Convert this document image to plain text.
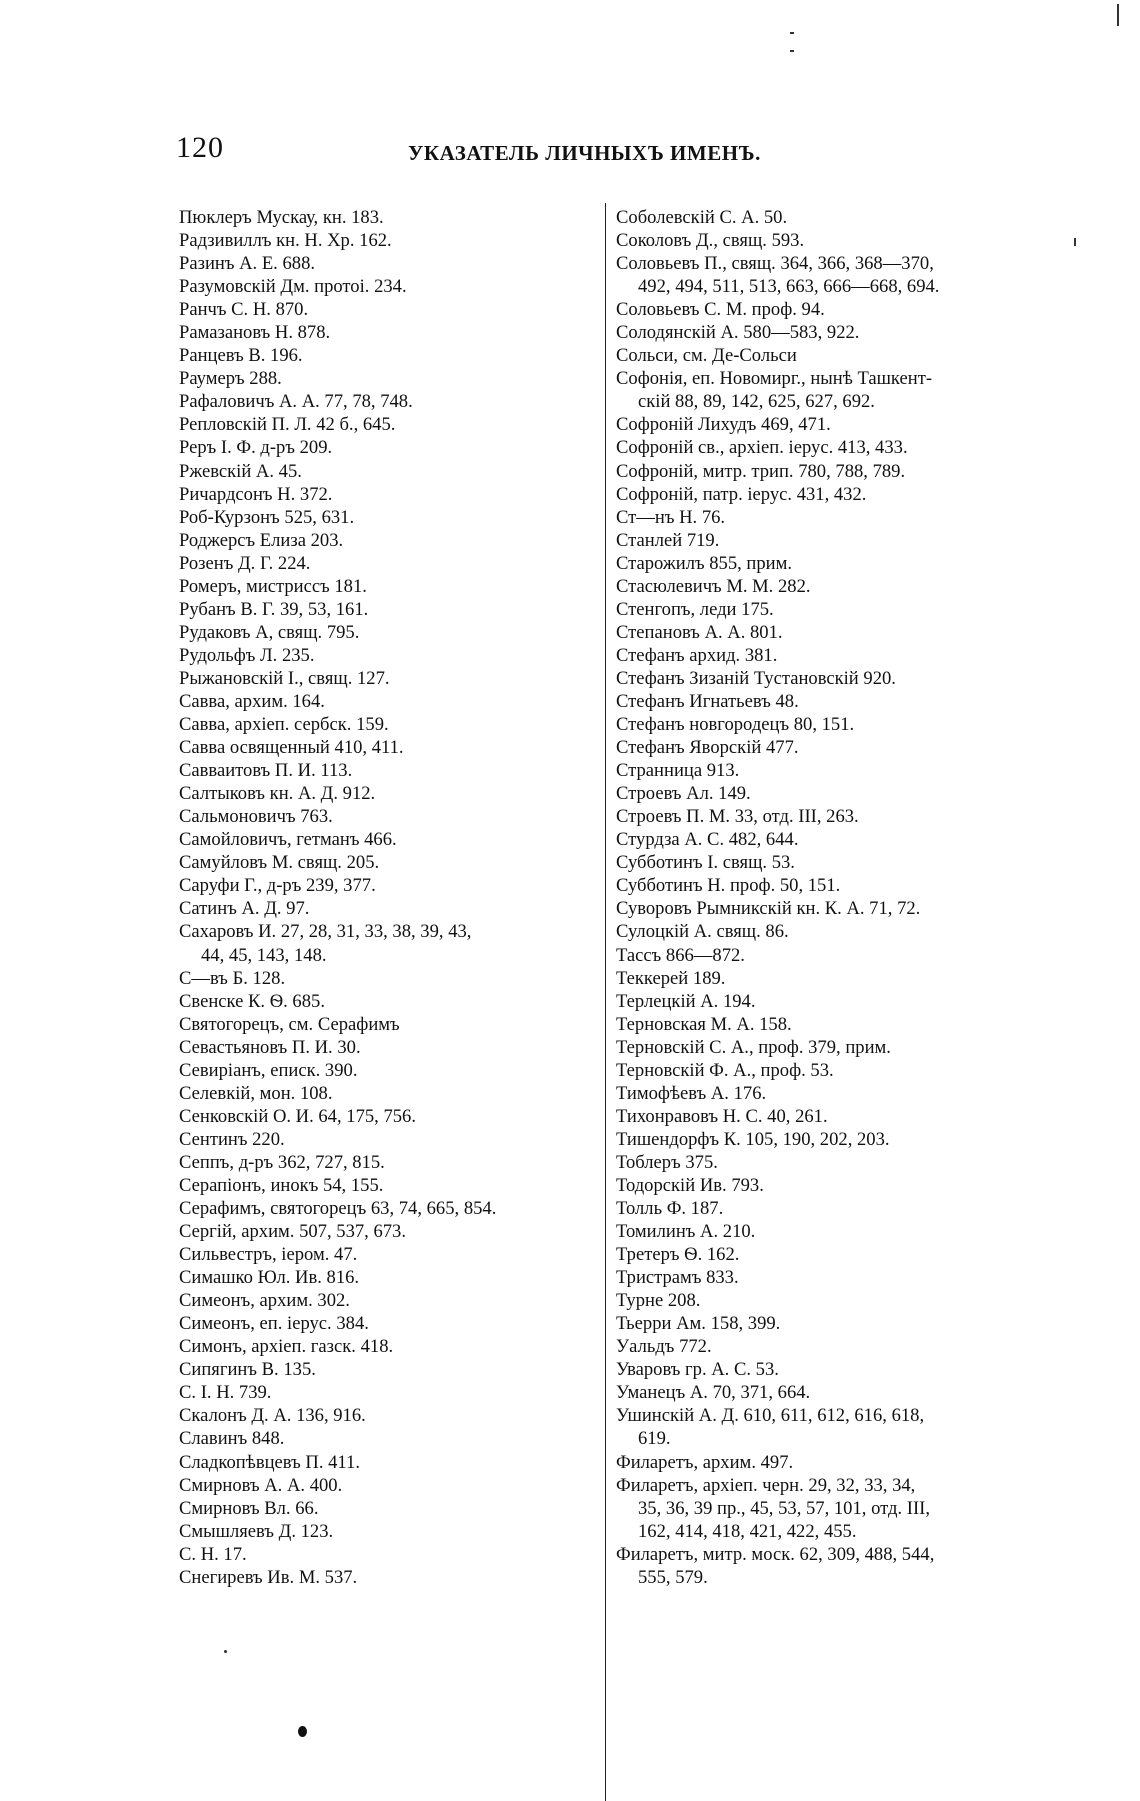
120	УКАЗАТЕЛЬ ЛИЧНЫХЪ ИМЕНЪ.
Пюклеръ Мускау, кн. 183.
Радзивиллъ кн. Н. Хр. 162.
Разинъ А. Е. 688.
Разумовскій Дм. протоі. 234.
Ранчъ С. Н. 870.
Рамазановъ Н. 878.
Ранцевъ В. 196.
Раумеръ 288.
Рафаловичъ А. А. 77, 78, 748.
Репловскій П. Л. 42 б., 645.
Реръ І. Ф. д-ръ 209.
Ржевскій А. 45.
Ричардсонъ Н. 372.
Роб-Курзонъ 525, 631.
Роджерсъ Елиза 203.
Розенъ Д. Г. 224.
Ромеръ, мистриссъ 181.
Рубанъ В. Г. 39, 53, 161.
Рудаковъ А, свящ. 795.
Рудольфъ Л. 235.
Рыжановскій І., свящ. 127.
Савва, архим. 164.
Савва, архіеп. сербск. 159.
Савва освященный 410, 411.
Савваитовъ П. И. 113.
Салтыковъ кн. А. Д. 912.
Сальмоновичъ 763.
Самойловичъ, гетманъ 466.
Самуйловъ М. свящ. 205.
Саруфи Г., д-ръ 239, 377.
Сатинъ А. Д. 97.
Сахаровъ И. 27, 28, 31, 33, 38, 39, 43,
44, 45, 143, 148.
С—въ Б. 128.
Свенске К. Ѳ. 685.
Святогорецъ, см. Серафимъ
Севастьяновъ П. И. 30.
Севиріанъ, еписк. 390.
Селевкій, мон. 108.
Сенковскій О. И. 64, 175, 756.
Сентинъ 220.
Сеппъ, д-ръ 362, 727, 815.
Серапіонъ, инокъ 54, 155.
Серафимъ, святогорецъ 63, 74, 665, 854.
Сергій, архим. 507, 537, 673.
Сильвестръ, ieром. 47.
Симашко Юл. Ив. 816.
Симеонъ, архим. 302.
Симеонъ, еп. iерус. 384.
Симонъ, архіеп. газск. 418.
Сипягинъ В. 135.
С. І. Н. 739.
Скалонъ Д. А. 136, 916.
Славинъ 848.
Сладкопѣвцевъ П. 411.
Смирновъ А. А. 400.
Смирновъ Вл. 66.
Смышляевъ Д. 123.
С. Н. 17.
Снегиревъ Ив. М. 537.
Соболевскій С. А. 50.
Соколовъ Д., свящ. 593.
Соловьевъ П., свящ. 364, 366, 368—370,
492, 494, 511, 513, 663, 666—668, 694.
Соловьевъ С. М. проф. 94.
Солодянскій А. 580—583, 922.
Сольси, см. Де-Сольси
Софонія, еп. Новомирг., нынѣ Ташкент-
скій 88, 89, 142, 625, 627, 692.
Софроній Лихудъ 469, 471.
Софроній св., архіеп. iерус. 413, 433.
Софроній, митр. трип. 780, 788, 789.
Софроній, патр. iерус. 431, 432.
Ст—нъ Н. 76.
Станлей 719.
Старожилъ 855, прим.
Стасюлевичъ М. М. 282.
Стенгопъ, леди 175.
Степановъ А. А. 801.
Стефанъ архид. 381.
Стефанъ Зизаній Тустановскій 920.
Стефанъ Игнатьевъ 48.
Стефанъ новгородецъ 80, 151.
Стефанъ Яворскій 477.
Странница 913.
Строевъ Ал. 149.
Строевъ П. М. 33, отд. III, 263.
Стурдза А. С. 482, 644.
Субботинъ І. свящ. 53.
Субботинъ Н. проф. 50, 151.
Суворовъ Рымникскій кн. К. А. 71, 72.
Сулоцкій А. свящ. 86.
Тассъ 866—872.
Теккерей 189.
Терлецкій А. 194.
Терновская М. А. 158.
Терновскій С. А., проф. 379, прим.
Терновскій Ф. А., проф. 53.
Тимофѣевъ А. 176.
Тихонравовъ Н. С. 40, 261.
Тишендорфъ К. 105, 190, 202, 203.
Тоблеръ 375.
Тодорскій Ив. 793.
Толль Ф. 187.
Томилинъ А. 210.
Третеръ Ѳ. 162.
Тристрамъ 833.
Турне 208.
Тьерри Ам. 158, 399.
Уальдъ 772.
Уваровъ гр. А. С. 53.
Уманецъ А. 70, 371, 664.
Ушинскій А. Д. 610, 611, 612, 616, 618,
619.
Филаретъ, архим. 497.
Филаретъ, архіеп. черн. 29, 32, 33, 34,
35, 36, 39 пр., 45, 53, 57, 101, отд. III,
162, 414, 418, 421, 422, 455.
Филаретъ, митр. моск. 62, 309, 488, 544,
555, 579.
